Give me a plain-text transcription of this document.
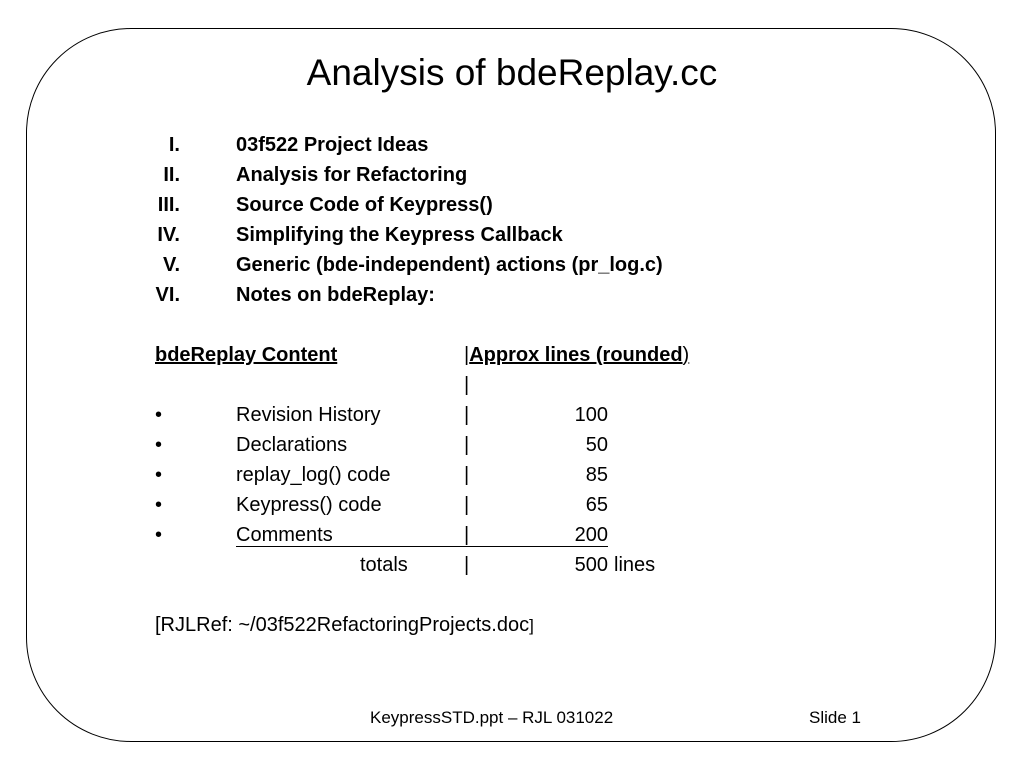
Analysis of bdeReplay.cc
I.	03f522 Project Ideas
II.	Analysis for Refactoring
III.	Source Code of Keypress()
IV.	Simplifying the Keypress Callback
V.	Generic (bde-independent) actions (pr_log.c)
VI.	Notes on bdeReplay:
bdeReplay Content	|Approx lines (rounded)
|
•	Revision History	|	100
•	Declarations	|	50
•	replay_log() code	|	85
•	Keypress() code	|	65
•	Comments	|	200
totals	|	500 lines
[RJLRef: ~/03f522RefactoringProjects.doc]
KeypressSTD.ppt – RJL 031022	Slide 1
